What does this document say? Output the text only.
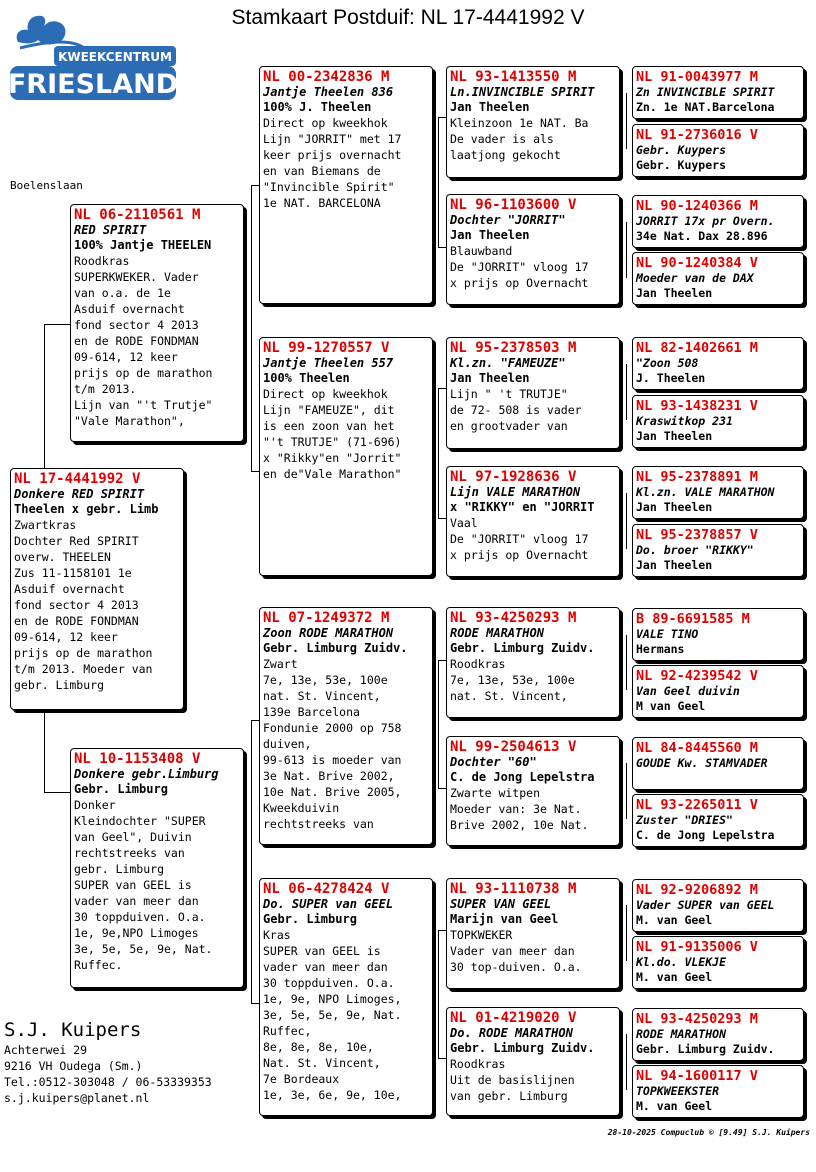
Stamkaart Postduif: NL 17-4441992 V
KWEEKCENTRUM
FRIESLAND
Boelenslaan
NL 17-4441992 V
Donkere RED SPIRIT
Theelen x gebr. Limb
Zwartkras
Dochter Red SPIRIT
overw. THEELEN
Zus 11-1158101 1e
Asduif overnacht
fond sector 4 2013
en de RODE FONDMAN
09-614, 12 keer
prijs op de marathon
t/m 2013. Moeder van
gebr. Limburg
NL 06-2110561 M
RED SPIRIT
100% Jantje THEELEN
Roodkras
SUPERKWEKER. Vader
van o.a. de 1e
Asduif overnacht
fond sector 4 2013
en de RODE FONDMAN
09-614, 12 keer
prijs op de marathon
t/m 2013.
Lijn van "'t Trutje"
"Vale Marathon",
NL 10-1153408 V
Donkere gebr.Limburg
Gebr. Limburg
Donker
Kleindochter "SUPER
van Geel", Duivin
rechtstreeks van
gebr. Limburg
SUPER van GEEL is
vader van meer dan
30 toppduiven. O.a.
1e, 9e,NPO Limoges
3e, 5e, 5e, 9e, Nat.
Ruffec.
NL 00-2342836 M
Jantje Theelen 836
100% J. Theelen
Direct op kweekhok
Lijn "JORRIT" met 17
keer prijs overnacht
en van Biemans de
"Invincible Spirit"
1e NAT. BARCELONA
NL 99-1270557 V
Jantje Theelen 557
100% Theelen
Direct op kweekhok
Lijn "FAMEUZE", dit
is een zoon van het
"'t TRUTJE" (71-696)
x "Rikky"en "Jorrit"
en de"Vale Marathon"
NL 07-1249372 M
Zoon RODE MARATHON
Gebr. Limburg Zuidv.
Zwart
7e, 13e, 53e, 100e
nat. St. Vincent,
139e Barcelona
Fondunie 2000 op 758
duiven,
99-613 is moeder van
3e Nat. Brive 2002,
10e Nat. Brive 2005,
Kweekduivin
rechtstreeks van
NL 06-4278424 V
Do. SUPER van GEEL
Gebr. Limburg
Kras
SUPER van GEEL is
vader van meer dan
30 toppduiven. O.a.
1e, 9e, NPO Limoges,
3e, 5e, 5e, 9e, Nat.
Ruffec,
8e, 8e, 8e, 10e,
Nat. St. Vincent,
7e Bordeaux
1e, 3e, 6e, 9e, 10e,
NL 93-1413550 M
Ln.INVINCIBLE SPIRIT
Jan Theelen
Kleinzoon 1e NAT. Ba
De vader is als
laatjong gekocht
NL 96-1103600 V
Dochter "JORRIT"
Jan Theelen
Blauwband
De "JORRIT" vloog 17
x prijs op Overnacht
NL 95-2378503 M
Kl.zn. "FAMEUZE"
Jan Theelen
Lijn " 't TRUTJE"
de 72- 508 is vader
en grootvader van
NL 97-1928636 V
Lijn VALE MARATHON
x "RIKKY" en "JORRIT
Vaal
De "JORRIT" vloog 17
x prijs op Overnacht
NL 93-4250293 M
RODE MARATHON
Gebr. Limburg Zuidv.
Roodkras
7e, 13e, 53e, 100e
nat. St. Vincent,
NL 99-2504613 V
Dochter "60"
C. de Jong Lepelstra
Zwarte witpen
Moeder van: 3e Nat.
Brive 2002, 10e Nat.
NL 93-1110738 M
SUPER VAN GEEL
Marijn van Geel
TOPKWEKER
Vader van meer dan
30 top-duiven. O.a.
NL 01-4219020 V
Do. RODE MARATHON
Gebr. Limburg Zuidv.
Roodkras
Uit de basislijnen
van gebr. Limburg
NL 91-0043977 M
Zn INVINCIBLE SPIRIT
Zn. 1e NAT.Barcelona
NL 91-2736016 V
Gebr. Kuypers
Gebr. Kuypers
NL 90-1240366 M
JORRIT 17x pr Overn.
34e Nat. Dax 28.896
NL 90-1240384 V
Moeder van de DAX
Jan Theelen
NL 82-1402661 M
"Zoon 508
J. Theelen
NL 93-1438231 V
Kraswitkop 231
Jan Theelen
NL 95-2378891 M
Kl.zn. VALE MARATHON
Jan Theelen
NL 95-2378857 V
Do. broer "RIKKY"
Jan Theelen
B 89-6691585 M
VALE TINO
Hermans
NL 92-4239542 V
Van Geel duivin
M van Geel
NL 84-8445560 M
GOUDE Kw. STAMVADER
NL 93-2265011 V
Zuster "DRIES"
C. de Jong Lepelstra
NL 92-9206892 M
Vader SUPER van GEEL
M. van Geel
NL 91-9135006 V
Kl.do. VLEKJE
M. van Geel
NL 93-4250293 M
RODE MARATHON
Gebr. Limburg Zuidv.
NL 94-1600117 V
TOPKWEEKSTER
M. van Geel
S.J. Kuipers
Achterwei 29
9216 VH Oudega (Sm.)
Tel.:0512-303048 / 06-53339353
s.j.kuipers@planet.nl
28-10-2025 Compuclub © [9.49] S.J. Kuipers
